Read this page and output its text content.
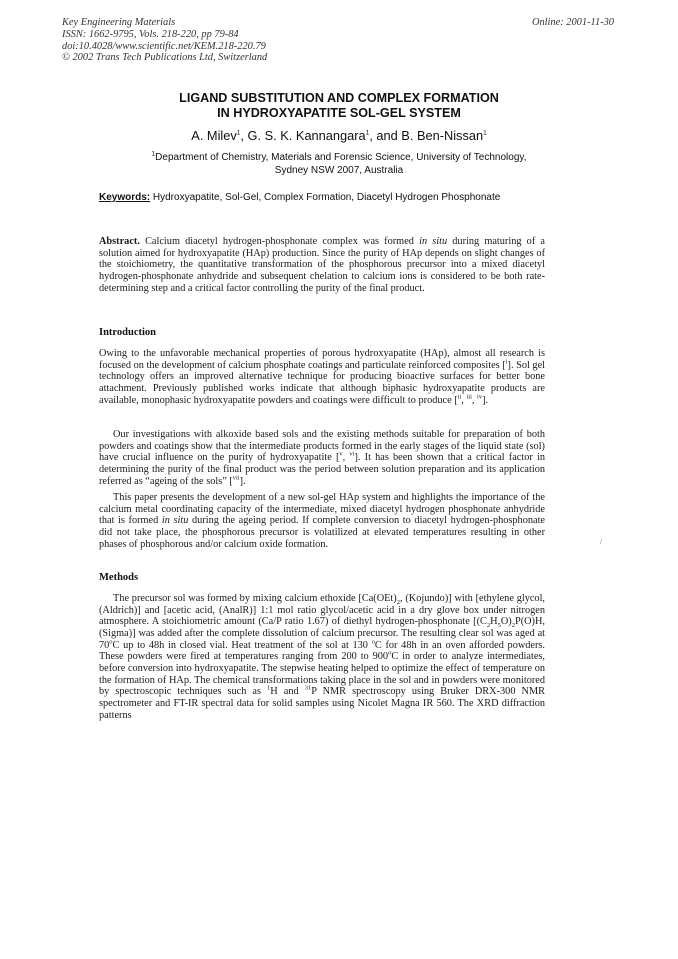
Key Engineering Materials
ISSN: 1662-9795, Vols. 218-220, pp 79-84
doi:10.4028/www.scientific.net/KEM.218-220.79
© 2002 Trans Tech Publications Ltd, Switzerland
Online: 2001-11-30
LIGAND SUBSTITUTION AND COMPLEX FORMATION
IN HYDROXYAPATITE SOL-GEL SYSTEM
A. Milev$^1$, G. S. K. Kannangara$^1$, and B. Ben-Nissan$^1$
$^1$Department of Chemistry, Materials and Forensic Science, University of Technology,
Sydney NSW 2007, Australia
Keywords: Hydroxyapatite, Sol-Gel, Complex Formation, Diacetyl Hydrogen Phosphonate
Abstract. Calcium diacetyl hydrogen-phosphonate complex was formed in situ during maturing of a solution aimed for hydroxyapatite (HAp) production. Since the purity of HAp depends on slight changes of the stoichiometry, the quantitative transformation of the phosphorous precursor into a mixed diacetyl hydrogen-phosphonate anhydride and subsequent chelation to calcium ions is considered to be both rate-determining step and a critical factor controlling the purity of the final product.
Introduction
Owing to the unfavorable mechanical properties of porous hydroxyapatite (HAp), almost all research is focused on the development of calcium phosphate coatings and particulate reinforced composites [$^i$]. Sol gel technology offers an improved alternative technique for producing bioactive surfaces for better bone attachment. Previously published works indicate that although biphasic hydroxyapatite products are available, monophasic hydroxyapatite powders and coatings were difficult to produce [$^{ii}$, $^{iii}$, $^{iv}$].
Our investigations with alkoxide based sols and the existing methods suitable for preparation of both powders and coatings show that the intermediate products formed in the early stages of the liquid state (sol) have crucial influence on the purity of hydroxyapatite [$^v$, $^{vi}$]. It has been shown that a critical factor in determining the purity of the final product was the period between solution preparation and its application referred as “ageing of the sols” [$^{vii}$].
This paper presents the development of a new sol-gel HAp system and highlights the importance of the calcium metal coordinating capacity of the intermediate, mixed diacetyl hydrogen phosphonate anhydride that is formed in situ during the ageing period. If complete conversion to diacetyl hydrogen-phosphonate did not take place, the phosphorous precursor is volatilized at elevated temperatures resulting in other phases of phosphorous and/or calcium oxide formation.	/
Methods
The precursor sol was formed by mixing calcium ethoxide [$Ca(OEt)_2$, (Kojundo)] with [ethylene glycol, (Aldrich)] and [acetic acid, (AnalR)] 1:1 mol ratio glycol/acetic acid in a dry glove box under nitrogen atmosphere. A stoichiometric amount (Ca/P ratio 1.67) of diethyl hydrogen-phosphonate [$(C_2H_5O)_2P(O)H$, (Sigma)] was added after the complete dissolution of calcium precursor. The resulting clear sol was aged at 70$^o$C up to 48h in closed vial. Heat treatment of the sol at 130 $^o$C for 48h in an oven afforded powders. These powders were fired at temperatures ranging from 200 to 900$^o$C in order to analyze intermediates, before conversion into hydroxyapatite. The stepwise heating helped to optimize the effect of temperature on the formation of HAp. The chemical transformations taking place in the sol and in powders were monitored by spectroscopic techniques such as $^1$H and $^{31}$P NMR spectroscopy using Bruker DRX-300 NMR spectrometer and FT-IR spectral data for solid samples using Nicolet Magna IR 560. The XRD diffraction patterns
